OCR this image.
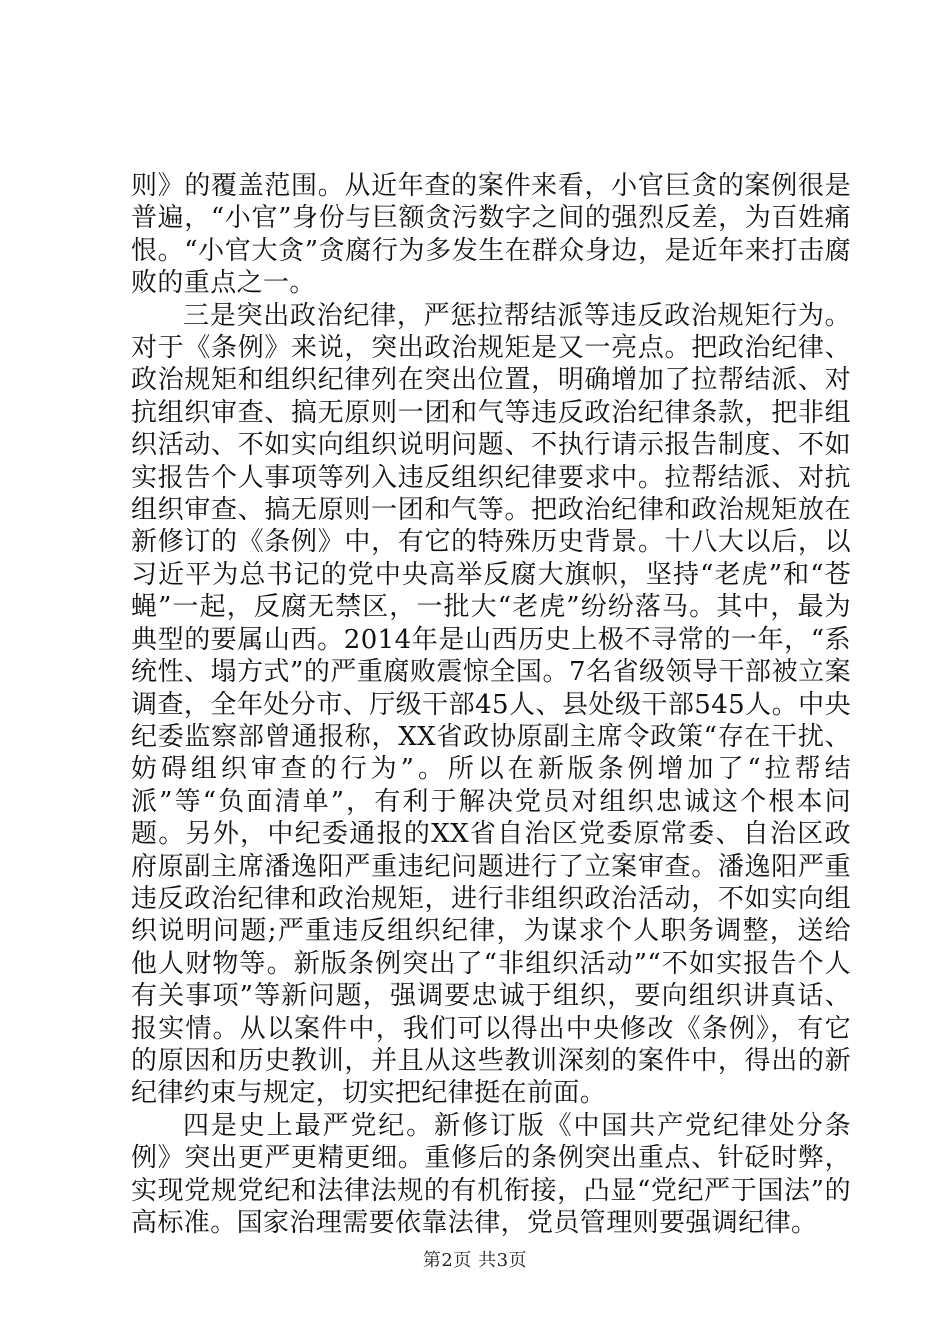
则》的覆盖范围。从近年查的案件来看，小官巨贪的案例很是普遍，“小官”身份与巨额贪污数字之间的强烈反差，为百姓痛恨。“小官大贪”贪腐行为多发生在群众身边，是近年来打击腐败的重点之一。

三是突出政治纪律，严惩拉帮结派等违反政治规矩行为。对于《条例》来说，突出政治规矩是又一亮点。把政治纪律、政治规矩和组织纪律列在突出位置，明确增加了拉帮结派、对抗组织审查、搞无原则一团和气等违反政治纪律条款，把非组织活动、不如实向组织说明问题、不执行请示报告制度、不如实报告个人事项等列入违反组织纪律要求中。拉帮结派、对抗组织审查、搞无原则一团和气等。把政治纪律和政治规矩放在新修订的《条例》中，有它的特殊历史背景。十八大以后，以习近平为总书记的党中央高举反腐大旗帜，坚持“老虎”和“苍蝇”一起，反腐无禁区，一批大“老虎”纷纷落马。其中，最为典型的要属山西。2014年是山西历史上极不寻常的一年，“系统性、塌方式”的严重腐败震惊全国。7名省级领导干部被立案调查，全年处分市、厅级干部45人、县处级干部545人。中央纪委监察部曾通报称，XX省政协原副主席令政策“存在干扰、妨碍组织审查的行为”。所以在新版条例增加了“拉帮结派”等“负面清单”，有利于解决党员对组织忠诚这个根本问题。另外，中纪委通报的XX省自治区党委原常委、自治区政府原副主席潘逸阳严重违纪问题进行了立案审查。潘逸阳严重违反政治纪律和政治规矩，进行非组织政治活动，不如实向组织说明问题;严重违反组织纪律，为谋求个人职务调整，送给他人财物等。新版条例突出了“非组织活动”“不如实报告个人有关事项”等新问题，强调要忠诚于组织，要向组织讲真话、报实情。从以案件中，我们可以得出中央修改《条例》，有它的原因和历史教训，并且从这些教训深刻的案件中，得出的新纪律约束与规定，切实把纪律挺在前面。

四是史上最严党纪。新修订版《中国共产党纪律处分条例》突出更严更精更细。重修后的条例突出重点、针砭时弊，实现党规党纪和法律法规的有机衔接，凸显“党纪严于国法”的高标准。国家治理需要依靠法律，党员管理则要强调纪律。

第2页 共3页
